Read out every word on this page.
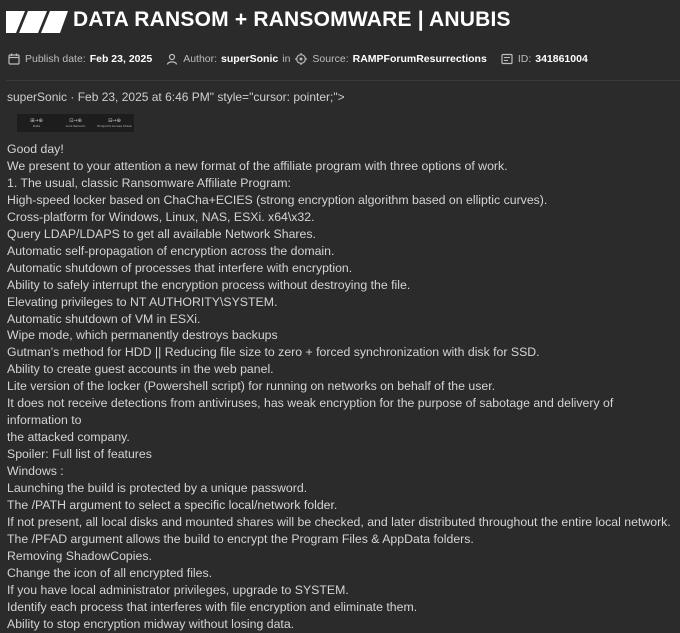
DATA RANSOM + RANSOMWARE | ANUBIS
Publish date: Feb 23, 2025	Author: superSonic in Source: RAMPForumResurrections	ID: 341861004
superSonic · Feb 23, 2025 at 6:46 PM" style="cursor: pointer;">
⊞→⊕
Data
⊡→⊕
Lock Ransom
⊟→⊕
Endpoint Access Share

Good day!

We present to your attention a new format of the affiliate program with three options of work.

1. The usual, classic Ransomware Affiliate Program:

High-speed locker based on ChaCha+ECIES (strong encryption algorithm based on elliptic curves).

Cross-platform for Windows, Linux, NAS, ESXi. x64\x32.

Query LDAP/LDAPS to get all available Network Shares.

Automatic self-propagation of encryption across the domain.

Automatic shutdown of processes that interfere with encryption.

Ability to safely interrupt the encryption process without destroying the file.

Elevating privileges to NT AUTHORITY\SYSTEM.

Automatic shutdown of VM in ESXi.

Wipe mode, which permanently destroys backups

Gutman's method for HDD || Reducing file size to zero + forced synchronization with disk for SSD.

Ability to create guest accounts in the web panel.

Lite version of the locker (Powershell script) for running on networks on behalf of the user.

It does not receive detections from antiviruses, has weak encryption for the purpose of sabotage and delivery of information to

the attacked company.

Spoiler: Full list of features

Windows :

Launching the build is protected by a unique password.

The /PATH argument to select a specific local/network folder.

If not present, all local disks and mounted shares will be checked, and later distributed throughout the entire local network.

The /PFAD argument allows the build to encrypt the Program Files & AppData folders.

Removing ShadowCopies.

Change the icon of all encrypted files.

If you have local administrator privileges, upgrade to SYSTEM.

Identify each process that interferes with file encryption and eliminate them.

Ability to stop encryption midway without losing data.
